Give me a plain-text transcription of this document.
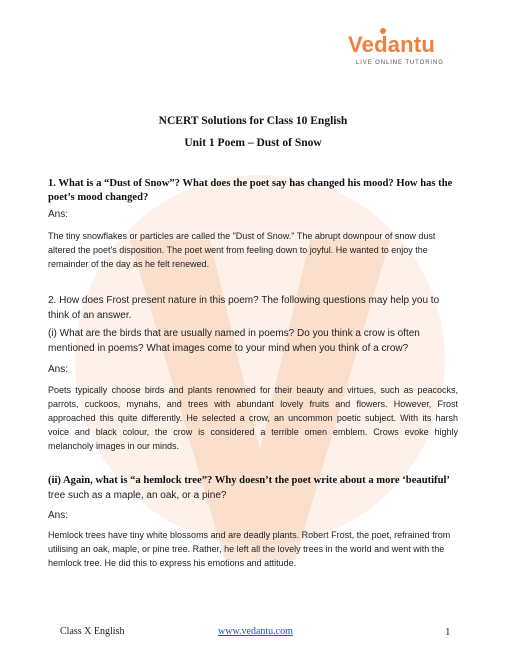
Vedantu
LIVE ONLINE TUTORING
NCERT Solutions for Class 10 English
Unit 1 Poem – Dust of Snow
1. What is a “Dust of Snow”? What does the poet say has changed his mood? How has the poet’s mood changed?
Ans:
The tiny snowflakes or particles are called the "Dust of Snow." The abrupt downpour of snow dust altered the poet's disposition. The poet went from feeling down to joyful. He wanted to enjoy the remainder of the day as he felt renewed.
2. How does Frost present nature in this poem? The following questions may help you to think of an answer.
(i) What are the birds that are usually named in poems? Do you think a crow is often mentioned in poems? What images come to your mind when you think of a crow?
Ans:
Poets typically choose birds and plants renowned for their beauty and virtues, such as peacocks, parrots, cuckoos, mynahs, and trees with abundant lovely fruits and flowers. However, Frost approached this quite differently. He selected a crow, an uncommon poetic subject. With its harsh voice and black colour, the crow is considered a terrible omen emblem. Crows evoke highly melancholy images in our minds.
(ii) Again, what is “a hemlock tree”? Why doesn’t the poet write about a more ‘beautiful’ tree such as a maple, an oak, or a pine?
Ans:
Hemlock trees have tiny white blossoms and are deadly plants. Robert Frost, the poet, refrained from utilising an oak, maple, or pine tree. Rather, he left all the lovely trees in the world and went with the hemlock tree. He did this to express his emotions and attitude.
Class X English	www.vedantu.com	1
